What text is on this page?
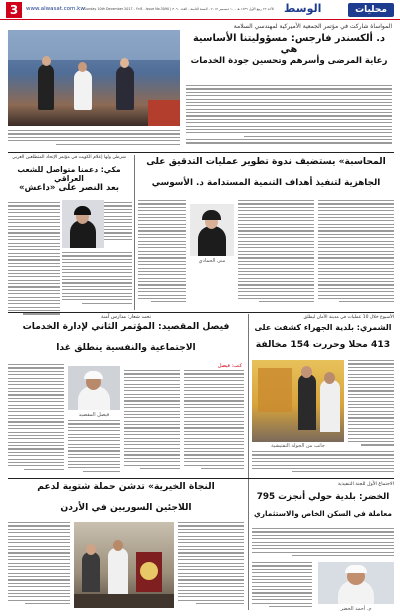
3	www.alwasat.com.kw Sunday 10th December 2017 - Yr:8 - Issue No.3090 | الأحد ٢٢ ربيع الأول ١٤٣٩ هـ - ١٠ ديسمبر ٢٠١٧ - السنة الثامنة - العدد ٣٠٩٠ الوسط	محليات
المواساة شاركت في مؤتمر الجمعية الأميركية لمهندسي السلامة
د. ألكسندر فارجس: مسؤوليتنا الأساسية هي
رعاية المرضى وأسرهم وتحسين جودة الخدمات
شرطي ولها إعلام الكويت في مؤتمر الإتحاد المتطلعين العربي
مكي: دعمنا متواصل للشعب العراقي
بعد النصر على «داعش»
المحاسبة» يستضيف ندوة تطوير عمليات التدقيق على
الجاهزية لتنفيذ أهداف التنمية المستدامة د. الأسوسي
منى الحمادي
تحت شعار: مدارس آمنة
فيصل المقصيد: المؤتمر الثاني لإدارة الخدمات
الاجتماعية والنفسية ينطلق غدا
كتب: فيصل
فيصل المقصيد
الأسبوع خلال 10 عمليات في مدينة الأمان ليطلق
الشمري: بلدية الجهراء كشفت على
413 محلا وحررت 154 مخالفة
جانب من الجولة التفتيشية
النجاة الخيرية» تدشن حملة شتوية لدعم
اللاجئين السوريين في الأردن
الاجتماع الأول للجنة التنفيذية
الخضر: بلدية حولي أنجزت 795
معاملة في السكن الخاص والاستثماري
م. أحمد الخضر
